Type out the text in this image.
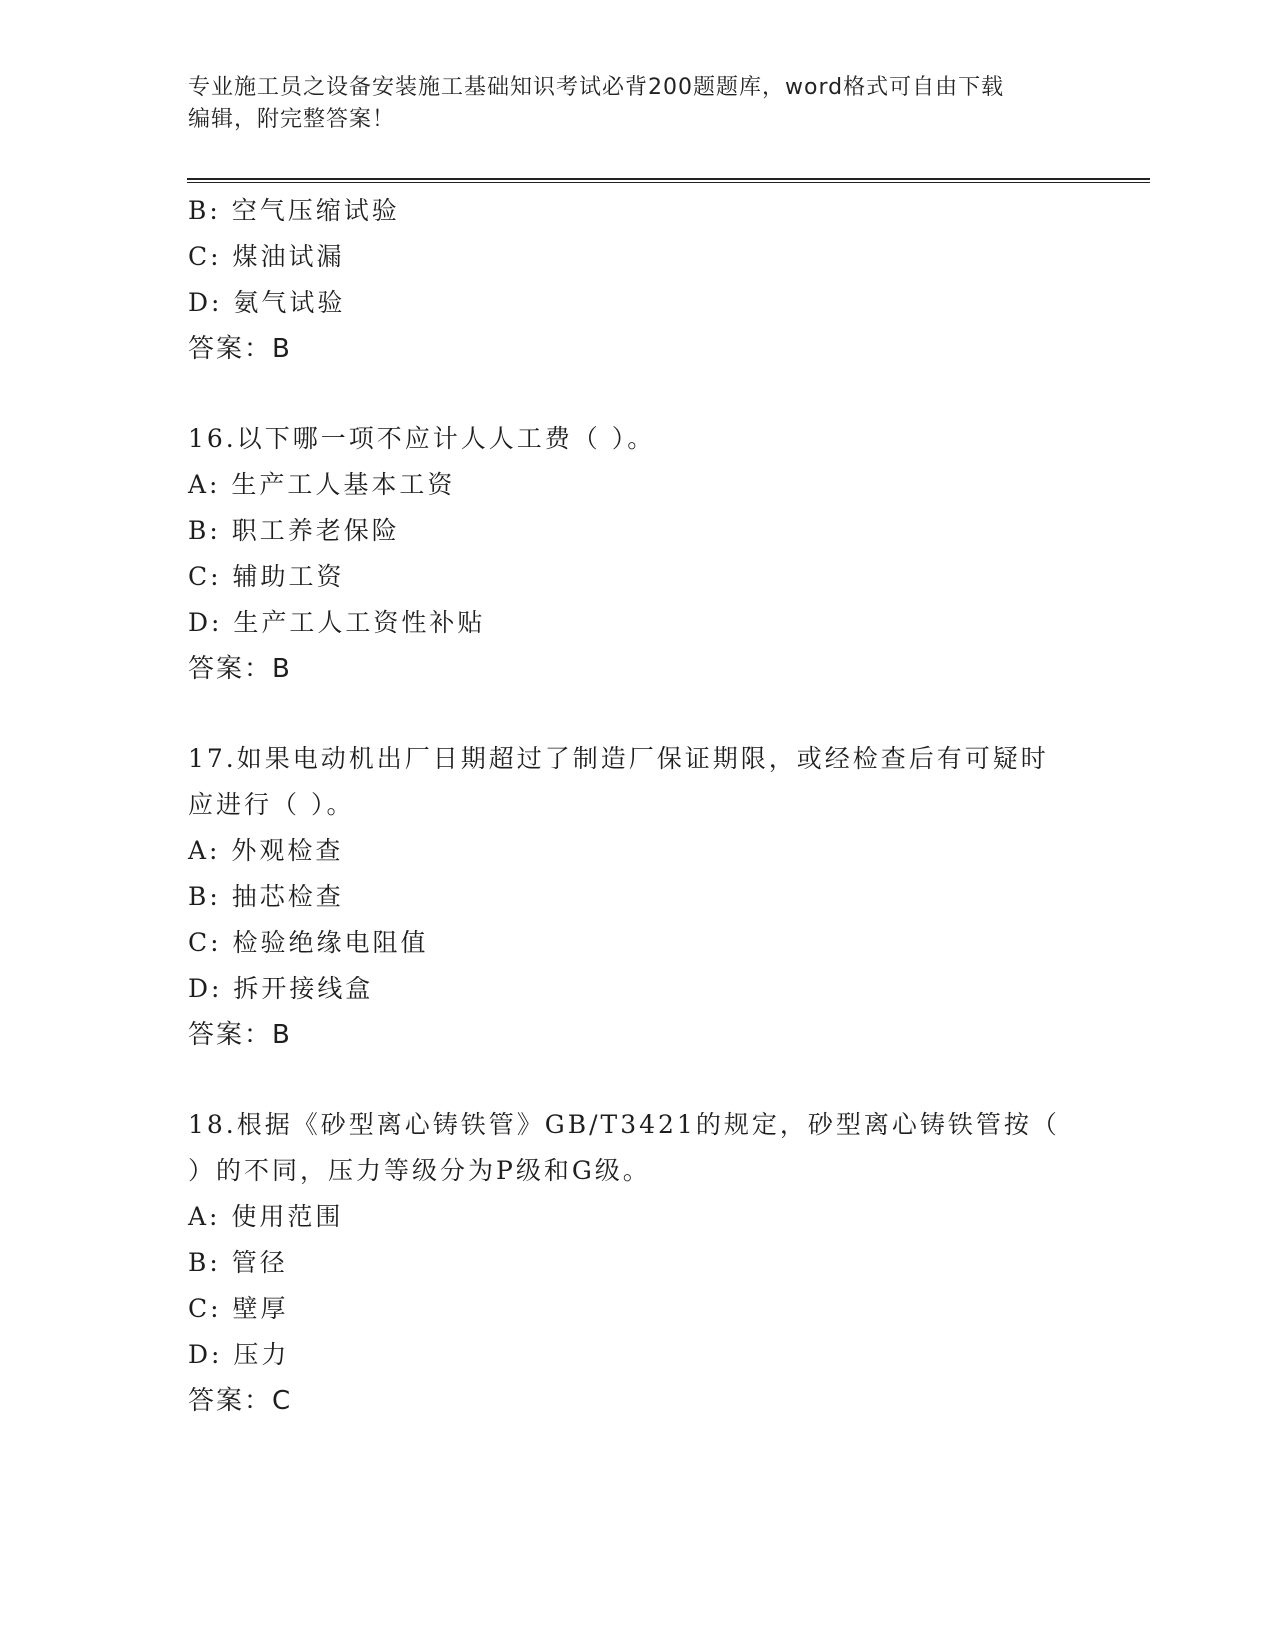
专业施工员之设备安装施工基础知识考试必背200题题库，word格式可自由下载
编辑，附完整答案！
B: 空气压缩试验
C: 煤油试漏
D: 氨气试验
答案：B
16.以下哪一项不应计人人工费（ ）。
A: 生产工人基本工资
B: 职工养老保险
C: 辅助工资
D: 生产工人工资性补贴
答案：B
17.如果电动机出厂日期超过了制造厂保证期限，或经检查后有可疑时
应进行（ ）。
A: 外观检查
B: 抽芯检查
C: 检验绝缘电阻值
D: 拆开接线盒
答案：B
18.根据《砂型离心铸铁管》GB/T3421的规定，砂型离心铸铁管按（
）的不同，压力等级分为P级和G级。
A: 使用范围
B: 管径
C: 壁厚
D: 压力
答案：C
